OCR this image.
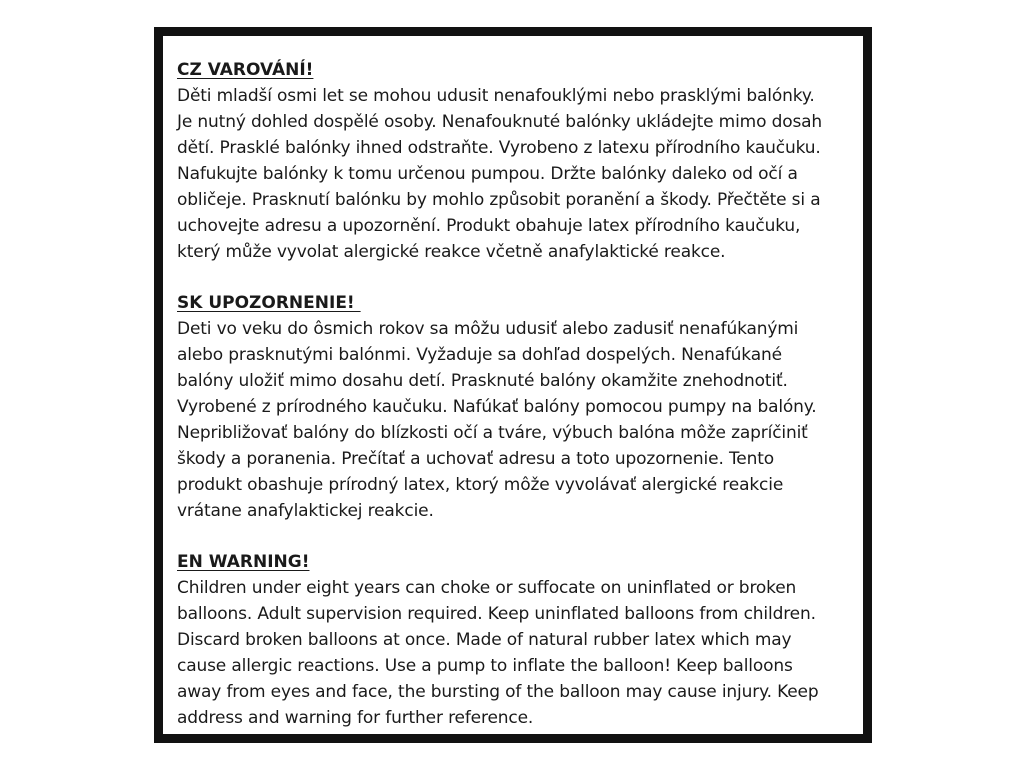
CZ VAROVÁNÍ!
Děti mladší osmi let se mohou udusit nenafouklými nebo prasklými balónky.
Je nutný dohled dospělé osoby. Nenafouknuté balónky ukládejte mimo dosah
dětí. Prasklé balónky ihned odstraňte. Vyrobeno z latexu přírodního kaučuku.
Nafukujte balónky k tomu určenou pumpou. Držte balónky daleko od očí a
obličeje. Prasknutí balónku by mohlo způsobit poranění a škody. Přečtěte si a
uchovejte adresu a upozornění. Produkt obahuje latex přírodního kaučuku,
který může vyvolat alergické reakce včetně anafylaktické reakce.
SK UPOZORNENIE!
Deti vo veku do ôsmich rokov sa môžu udusiť alebo zadusiť nenafúkanými
alebo prasknutými balónmi. Vyžaduje sa dohľad dospelých. Nenafúkané
balóny uložiť mimo dosahu detí. Prasknuté balóny okamžite znehodnotiť.
Vyrobené z prírodného kaučuku. Nafúkať balóny pomocou pumpy na balóny.
Nepribližovať balóny do blízkosti očí a tváre, výbuch balóna môže zapríčiniť
škody a poranenia. Prečítať a uchovať adresu a toto upozornenie. Tento
produkt obashuje prírodný latex, ktorý môže vyvolávať alergické reakcie
vrátane anafylaktickej reakcie.
EN WARNING!
Children under eight years can choke or suffocate on uninflated or broken
balloons. Adult supervision required. Keep uninflated balloons from children.
Discard broken balloons at once. Made of natural rubber latex which may
cause allergic reactions. Use a pump to inflate the balloon! Keep balloons
away from eyes and face, the bursting of the balloon may cause injury. Keep
address and warning for further reference.
